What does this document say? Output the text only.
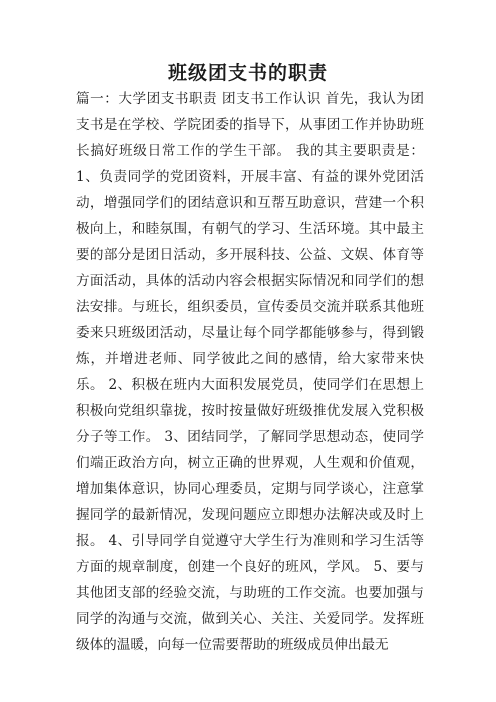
班级团支书的职责

篇一：大学团支书职责 团支书工作认识 首先，我认为团支书是在学校、学院团委的指导下，从事团工作并协助班长搞好班级日常工作的学生干部。 我的其主要职责是： 1、负责同学的党团资料，开展丰富、有益的课外党团活动，增强同学们的团结意识和互帮互助意识，营建一个积极向上，和睦氛围，有朝气的学习、生活环境。其中最主要的部分是团日活动，多开展科技、公益、文娱、体育等方面活动，具体的活动内容会根据实际情况和同学们的想法安排。与班长，组织委员，宣传委员交流并联系其他班委来只班级团活动，尽量让每个同学都能够参与，得到锻炼，并增进老师、同学彼此之间的感情，给大家带来快乐。 2、积极在班内大面积发展党员，使同学们在思想上积极向党组织靠拢，按时按量做好班级推优发展入党积极分子等工作。 3、团结同学，了解同学思想动态，使同学们端正政治方向，树立正确的世界观，人生观和价值观，增加集体意识，协同心理委员，定期与同学谈心，注意掌握同学的最新情况，发现问题应立即想办法解决或及时上报。 4、引导同学自觉遵守大学生行为准则和学习生活等方面的规章制度，创建一个良好的班风，学风。 5、要与其他团支部的经验交流，与助班的工作交流。也要加强与同学的沟通与交流，做到关心、关注、关爱同学。发挥班级体的温暖，向每一位需要帮助的班级成员伸出最无
